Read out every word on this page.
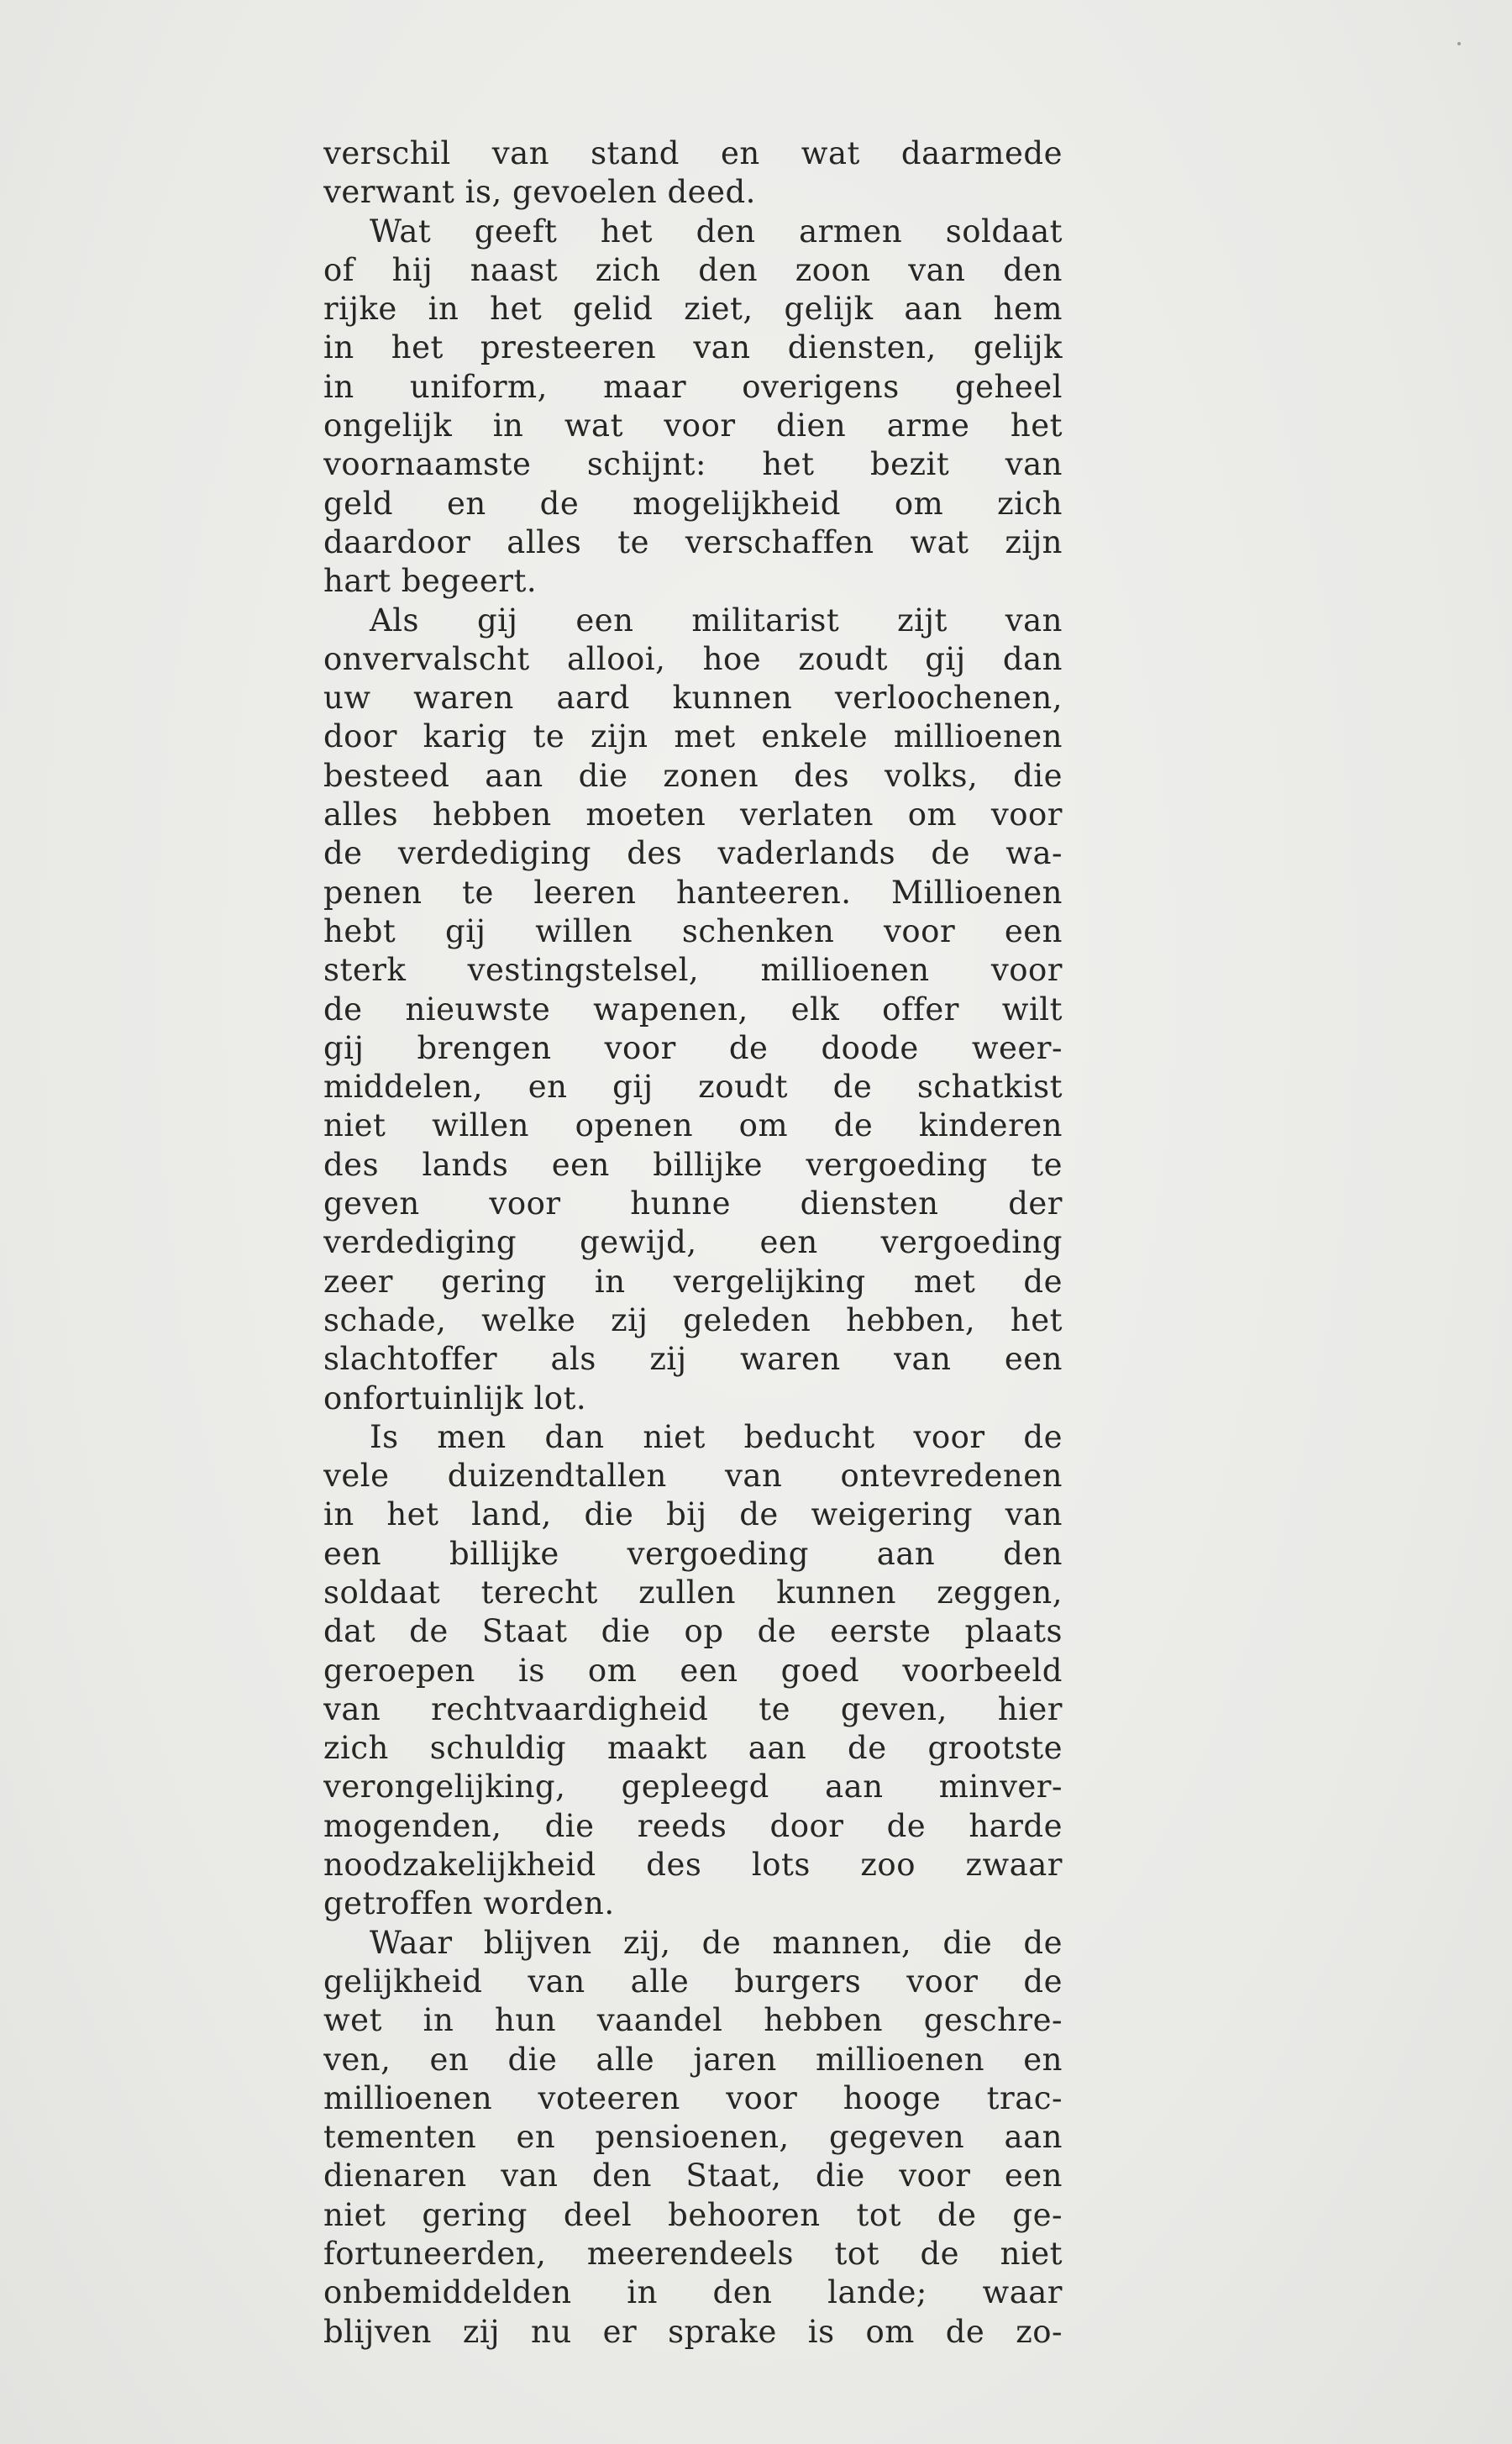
verschil van stand en wat daarmede
verwant is, gevoelen deed.
Wat geeft het den armen soldaat
of hij naast zich den zoon van den
rijke in het gelid ziet, gelijk aan hem
in het presteeren van diensten, gelijk
in uniform, maar overigens geheel
ongelijk in wat voor dien arme het
voornaamste schijnt: het bezit van
geld en de mogelijkheid om zich
daardoor alles te verschaffen wat zijn
hart begeert.
Als gij een militarist zijt van
onvervalscht allooi, hoe zoudt gij dan
uw waren aard kunnen verloochenen,
door karig te zijn met enkele millioenen
besteed aan die zonen des volks, die
alles hebben moeten verlaten om voor
de verdediging des vaderlands de wa-
penen te leeren hanteeren. Millioenen
hebt gij willen schenken voor een
sterk vestingstelsel, millioenen voor
de nieuwste wapenen, elk offer wilt
gij brengen voor de doode weer-
middelen, en gij zoudt de schatkist
niet willen openen om de kinderen
des lands een billijke vergoeding te
geven voor hunne diensten der
verdediging gewijd, een vergoeding
zeer gering in vergelijking met de
schade, welke zij geleden hebben, het
slachtoffer als zij waren van een
onfortuinlijk lot.
Is men dan niet beducht voor de
vele duizendtallen van ontevredenen
in het land, die bij de weigering van
een billijke vergoeding aan den
soldaat terecht zullen kunnen zeggen,
dat de Staat die op de eerste plaats
geroepen is om een goed voorbeeld
van rechtvaardigheid te geven, hier
zich schuldig maakt aan de grootste
verongelijking, gepleegd aan minver-
mogenden, die reeds door de harde
noodzakelijkheid des lots zoo zwaar
getroffen worden.
Waar blijven zij, de mannen, die de
gelijkheid van alle burgers voor de
wet in hun vaandel hebben geschre-
ven, en die alle jaren millioenen en
millioenen voteeren voor hooge trac-
tementen en pensioenen, gegeven aan
dienaren van den Staat, die voor een
niet gering deel behooren tot de ge-
fortuneerden, meerendeels tot de niet
onbemiddelden in den lande; waar
blijven zij nu er sprake is om de zo-
